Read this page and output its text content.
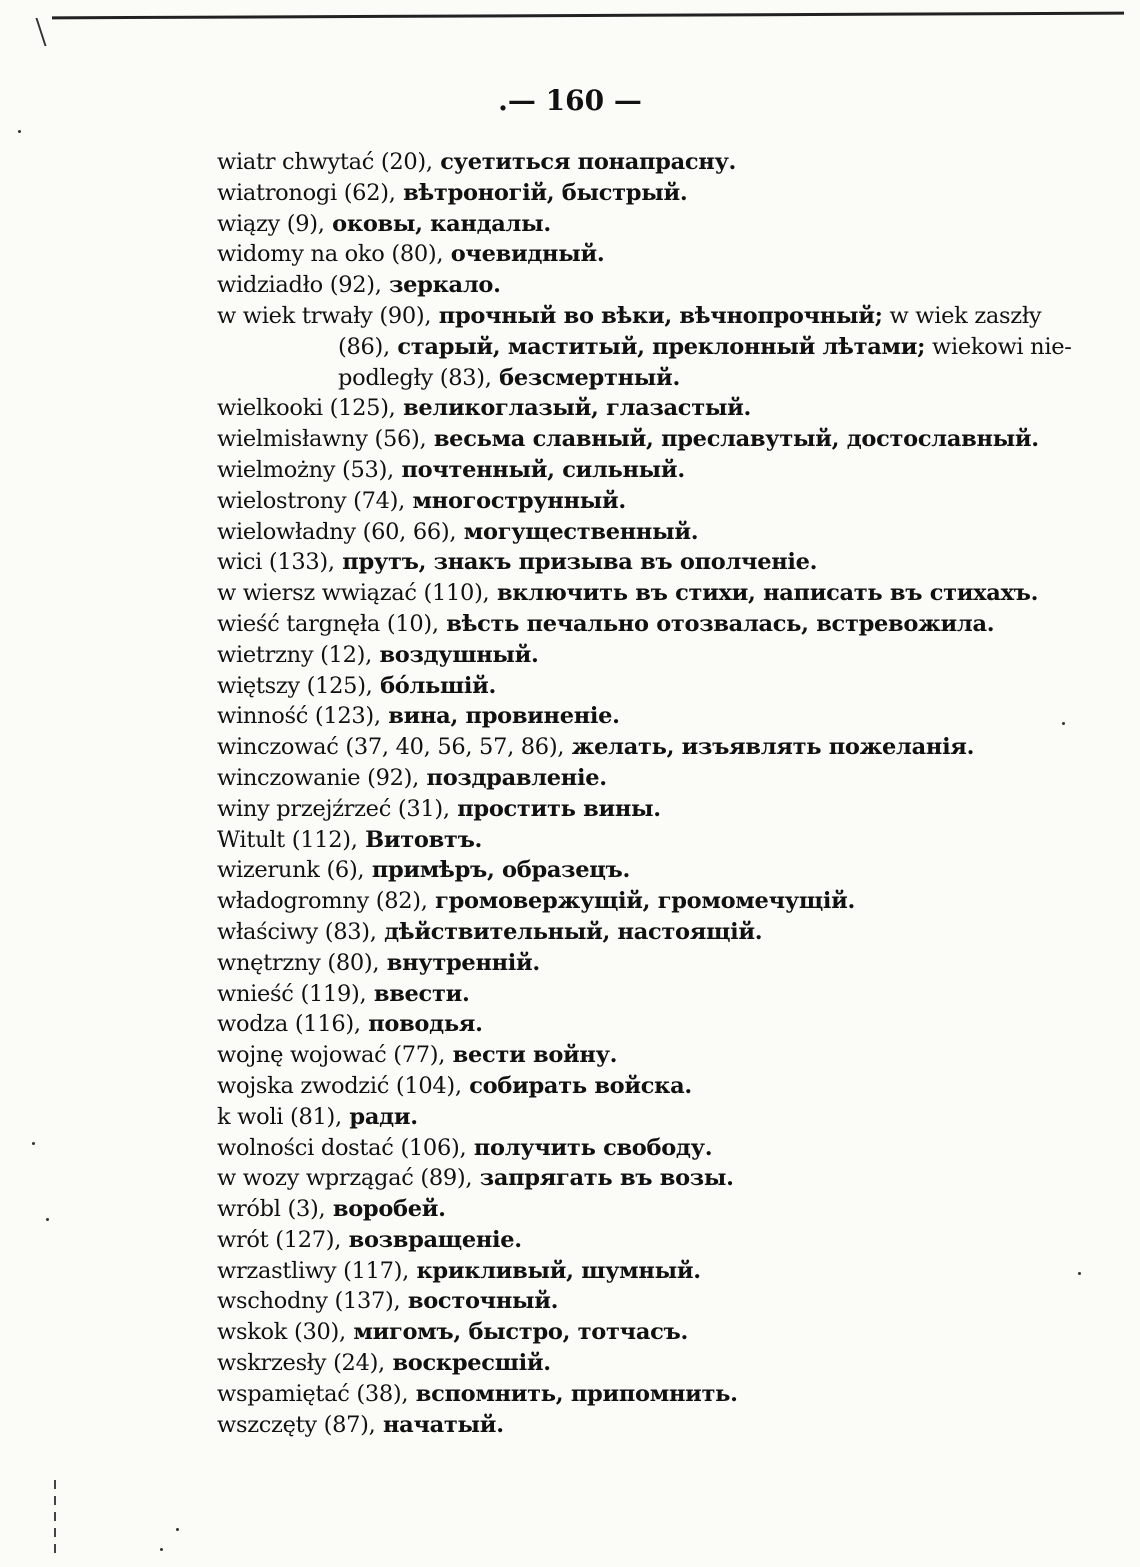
.— 160 —
wiatr chwytać (20), суетиться понапрасну.
wiatronogi (62), вѣтроногій, быстрый.
wiązy (9), оковы, кандалы.
widomy na oko (80), очевидный.
widziadło (92), зеркало.
w wiek trwały (90), прочный во вѣки, вѣчнопрочный; w wiek zaszły
(86), старый, маститый, преклонный лѣтами; wiekowi nie-
podległy (83), безсмертный.
wielkooki (125), великоглазый, глазастый.
wielmisławny (56), весьма славный, преславутый, достославный.
wielmożny (53), почтенный, сильный.
wielostrony (74), многострунный.
wielowładny (60, 66), могущественный.
wici (133), прутъ, знакъ призыва въ ополченіе.
w wiersz wwiązać (110), включить въ стихи, написать въ стихахъ.
wieść targnęła (10), вѣсть печально отозвалась, встревожила.
wietrzny (12), воздушный.
więtszy (125), бо́льшій.
winność (123), вина, провиненіе.
winczować (37, 40, 56, 57, 86), желать, изъявлять пожеланія.
winczowanie (92), поздравленіе.
winy przejźrzeć (31), простить вины.
Witult (112), Витовтъ.
wizerunk (6), примѣръ, образецъ.
władogromny (82), громовержущій, громомечущій.
właściwy (83), дѣйствительный, настоящій.
wnętrzny (80), внутренній.
wnieść (119), ввести.
wodza (116), поводья.
wojnę wojować (77), вести войну.
wojska zwodzić (104), собирать войска.
k woli (81), ради.
wolności dostać (106), получить свободу.
w wozy wprzągać (89), запрягать въ возы.
wróbl (3), воробей.
wrót (127), возвращеніе.
wrzastliwy (117), крикливый, шумный.
wschodny (137), восточный.
wskok (30), мигомъ, быстро, тотчасъ.
wskrzesły (24), воскресшій.
wspamiętać (38), вспомнить, припомнить.
wszczęty (87), начатый.
